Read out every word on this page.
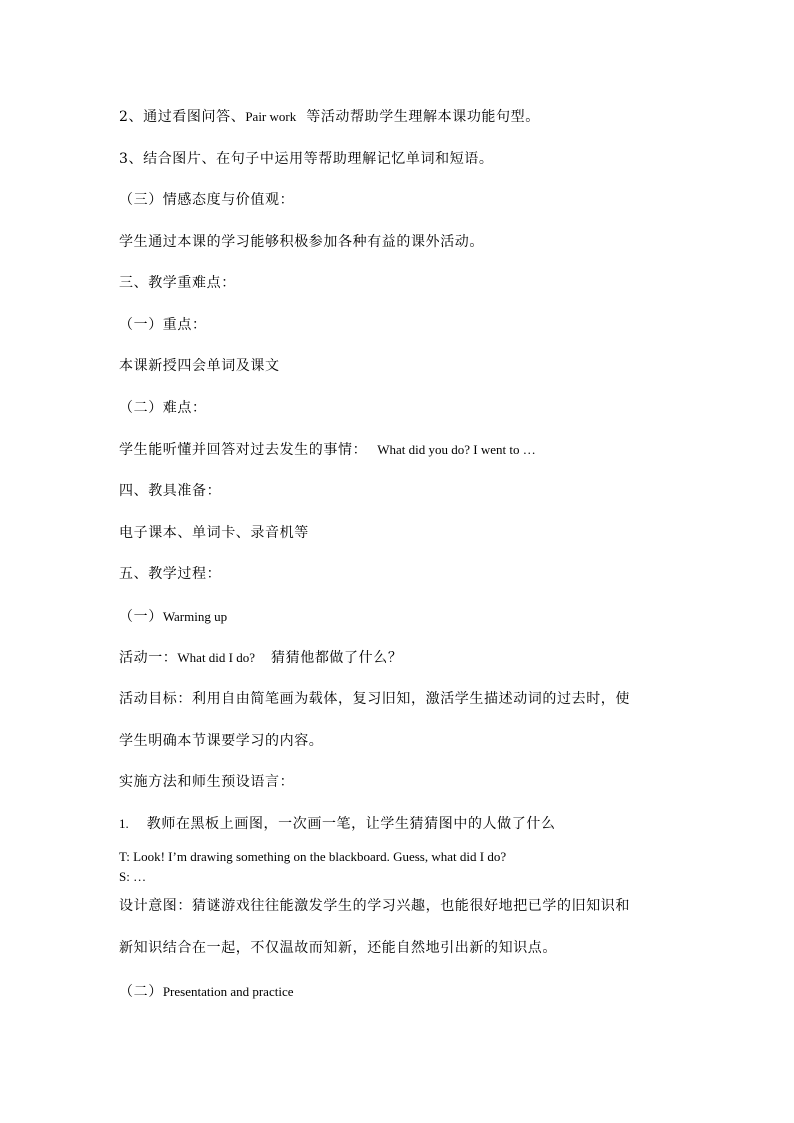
2、通过看图问答、Pair work 等活动帮助学生理解本课功能句型。
3、结合图片、在句子中运用等帮助理解记忆单词和短语。
（三）情感态度与价值观：
学生通过本课的学习能够积极参加各种有益的课外活动。
三、教学重难点：
（一）重点：
本课新授四会单词及课文
（二）难点：
学生能听懂并回答对过去发生的事情： What did you do? I went to …
四、教具准备：
电子课本、单词卡、录音机等
五、教学过程：
（一）Warming up
活动一：What did I do? 猜猜他都做了什么？
活动目标：利用自由简笔画为载体，复习旧知，激活学生描述动词的过去时，使
学生明确本节课要学习的内容。
实施方法和师生预设语言：
1. 教师在黑板上画图，一次画一笔，让学生猜猜图中的人做了什么
T: Look! I’m drawing something on the blackboard. Guess, what did I do?
S: …
设计意图：猜谜游戏往往能激发学生的学习兴趣，也能很好地把已学的旧知识和
新知识结合在一起，不仅温故而知新，还能自然地引出新的知识点。
（二）Presentation and practice
